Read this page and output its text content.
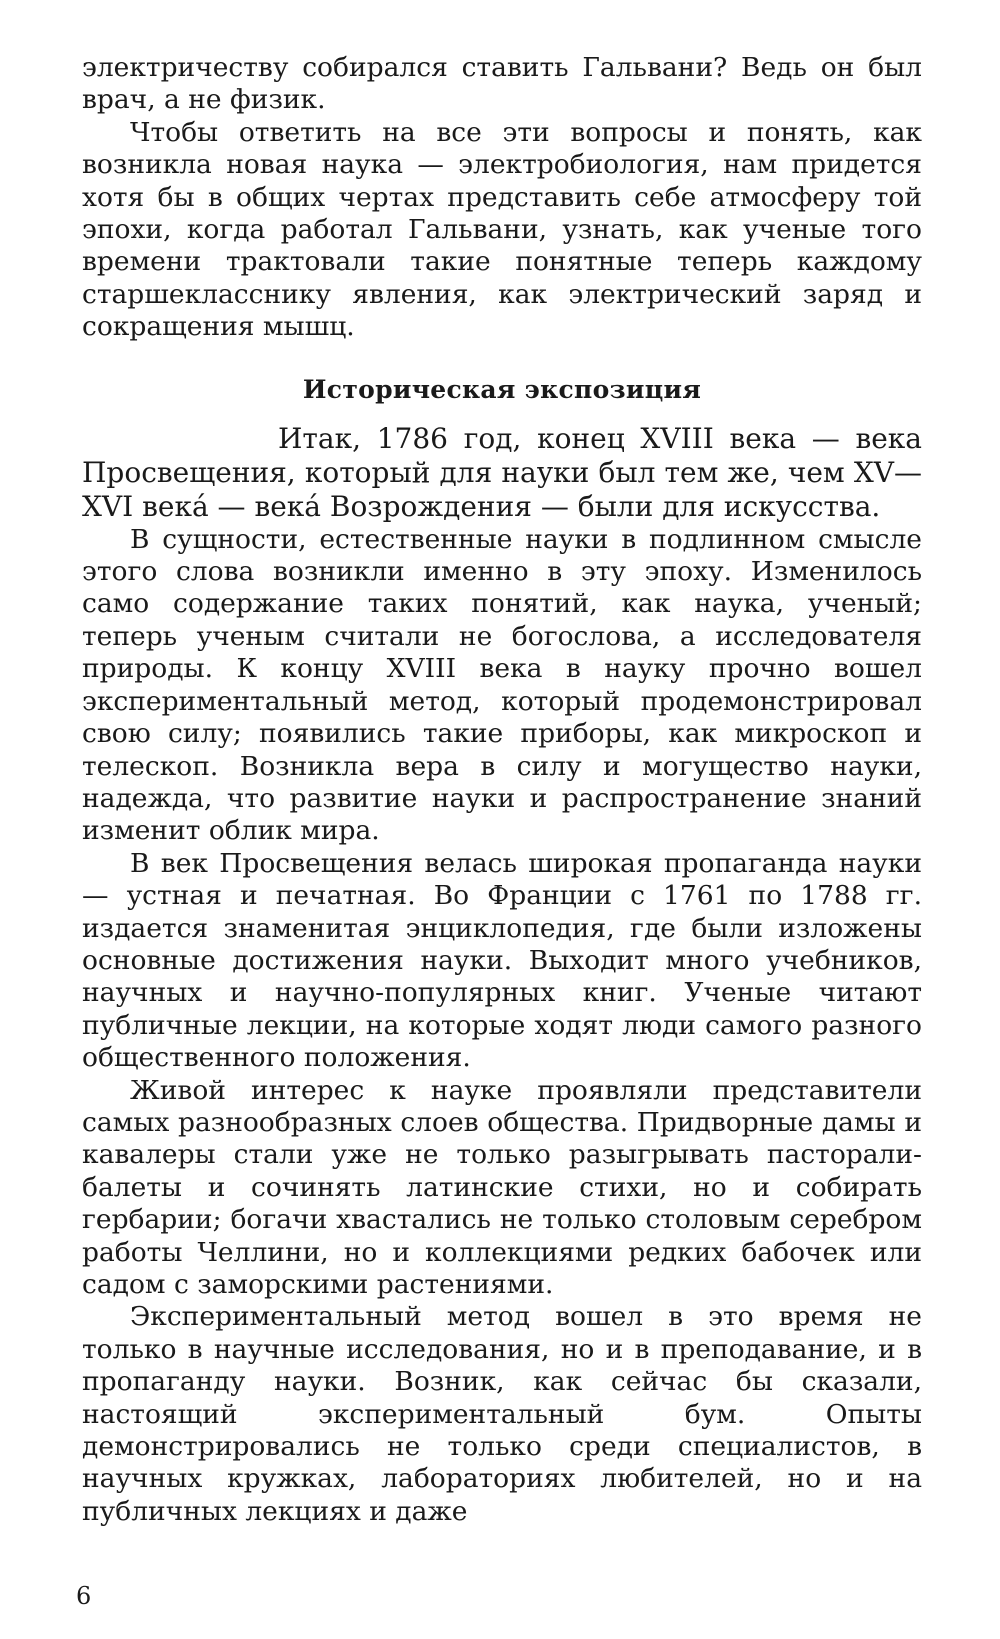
электричеству собирался ставить Гальвани? Ведь он был врач, а не физик.

Чтобы ответить на все эти вопросы и понять, как возникла новая наука — электробиология, нам придется хотя бы в общих чертах представить себе атмосферу той эпохи, когда работал Гальвани, узнать, как ученые того времени трактовали такие понятные теперь каждому старшекласснику явления, как электрический заряд и сокращения мышц.

Историческая экспозиция

Итак, 1786 год, конец XVIII века — века Просвещения, который для науки был тем же, чем XV—XVI века́ — века́ Возрождения — были для искусства.

В сущности, естественные науки в подлинном смысле этого слова возникли именно в эту эпоху. Изменилось само содержание таких понятий, как наука, ученый; теперь ученым считали не богослова, а исследователя природы. К концу XVIII века в науку прочно вошел экспериментальный метод, который продемонстрировал свою силу; появились такие приборы, как микроскоп и телескоп. Возникла вера в силу и могущество науки, надежда, что развитие науки и распространение знаний изменит облик мира.

В век Просвещения велась широкая пропаганда науки — устная и печатная. Во Франции с 1761 по 1788 гг. издается знаменитая энциклопедия, где были изложены основные достижения науки. Выходит много учебников, научных и научно-популярных книг. Ученые читают публичные лекции, на которые ходят люди самого разного общественного положения.

Живой интерес к науке проявляли представители самых разнообразных слоев общества. Придворные дамы и кавалеры стали уже не только разыгрывать пасторали-балеты и сочинять латинские стихи, но и собирать гербарии; богачи хвастались не только столовым серебром работы Челлини, но и коллекциями редких бабочек или садом с заморскими растениями.

Экспериментальный метод вошел в это время не только в научные исследования, но и в преподавание, и в пропаганду науки. Возник, как сейчас бы сказали, настоящий экспериментальный бум. Опыты демонстрировались не только среди специалистов, в научных кружках, лабораториях любителей, но и на публичных лекциях и даже

6
